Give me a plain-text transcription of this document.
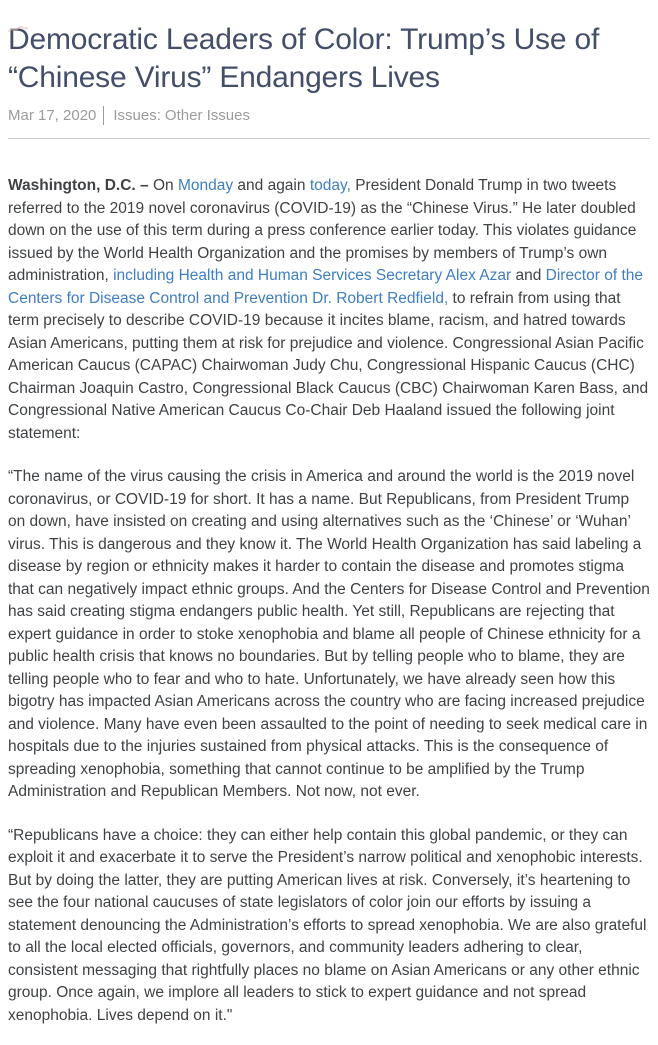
Democratic Leaders of Color: Trump’s Use of “Chinese Virus” Endangers Lives
Mar 17, 2020 Issues: Other Issues

Washington, D.C. – On Monday and again today, President Donald Trump in two tweets referred to the 2019 novel coronavirus (COVID-19) as the “Chinese Virus.” He later doubled down on the use of this term during a press conference earlier today. This violates guidance issued by the World Health Organization and the promises by members of Trump’s own administration, including Health and Human Services Secretary Alex Azar and Director of the Centers for Disease Control and Prevention Dr. Robert Redfield, to refrain from using that term precisely to describe COVID-19 because it incites blame, racism, and hatred towards Asian Americans, putting them at risk for prejudice and violence. Congressional Asian Pacific American Caucus (CAPAC) Chairwoman Judy Chu, Congressional Hispanic Caucus (CHC) Chairman Joaquin Castro, Congressional Black Caucus (CBC) Chairwoman Karen Bass, and Congressional Native American Caucus Co-Chair Deb Haaland issued the following joint statement:

“The name of the virus causing the crisis in America and around the world is the 2019 novel coronavirus, or COVID-19 for short. It has a name. But Republicans, from President Trump on down, have insisted on creating and using alternatives such as the ‘Chinese’ or ‘Wuhan’ virus. This is dangerous and they know it. The World Health Organization has said labeling a disease by region or ethnicity makes it harder to contain the disease and promotes stigma that can negatively impact ethnic groups. And the Centers for Disease Control and Prevention has said creating stigma endangers public health. Yet still, Republicans are rejecting that expert guidance in order to stoke xenophobia and blame all people of Chinese ethnicity for a public health crisis that knows no boundaries. But by telling people who to blame, they are telling people who to fear and who to hate. Unfortunately, we have already seen how this bigotry has impacted Asian Americans across the country who are facing increased prejudice and violence. Many have even been assaulted to the point of needing to seek medical care in hospitals due to the injuries sustained from physical attacks. This is the consequence of spreading xenophobia, something that cannot continue to be amplified by the Trump Administration and Republican Members. Not now, not ever.

“Republicans have a choice: they can either help contain this global pandemic, or they can exploit it and exacerbate it to serve the President’s narrow political and xenophobic interests. But by doing the latter, they are putting American lives at risk. Conversely, it’s heartening to see the four national caucuses of state legislators of color join our efforts by issuing a statement denouncing the Administration’s efforts to spread xenophobia. We are also grateful to all the local elected officials, governors, and community leaders adhering to clear, consistent messaging that rightfully places no blame on Asian Americans or any other ethnic group. Once again, we implore all leaders to stick to expert guidance and not spread xenophobia. Lives depend on it."
